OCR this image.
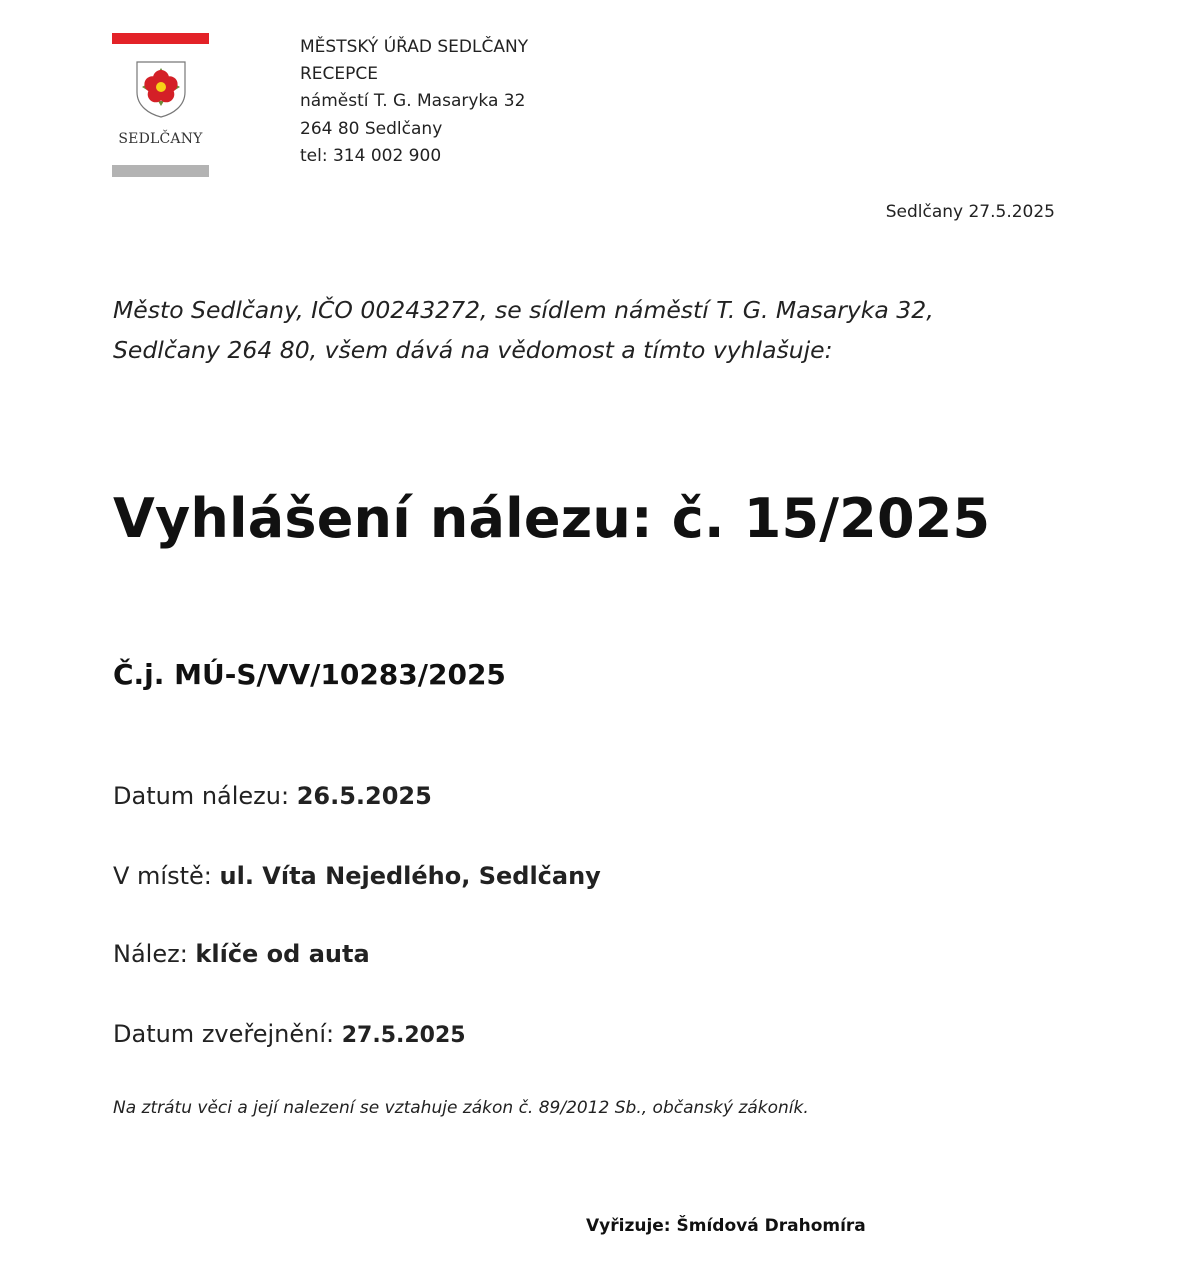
SEDLČANY
MĚSTSKÝ ÚŘAD SEDLČANY
RECEPCE
náměstí T. G. Masaryka 32
264 80 Sedlčany
tel: 314 002 900
Sedlčany 27.5.2025
Město Sedlčany, IČO 00243272, se sídlem náměstí T. G. Masaryka 32,
Sedlčany 264 80, všem dává na vědomost a tímto vyhlašuje:
Vyhlášení nálezu: č. 15/2025
Č.j. MÚ-S/VV/10283/2025
Datum nálezu: 26.5.2025
V místě: ul. Víta Nejedlého, Sedlčany
Nález: klíče od auta
Datum zveřejnění: 27.5.2025
Na ztrátu věci a její nalezení se vztahuje zákon č. 89/2012 Sb., občanský zákoník.
Vyřizuje: Šmídová Drahomíra
